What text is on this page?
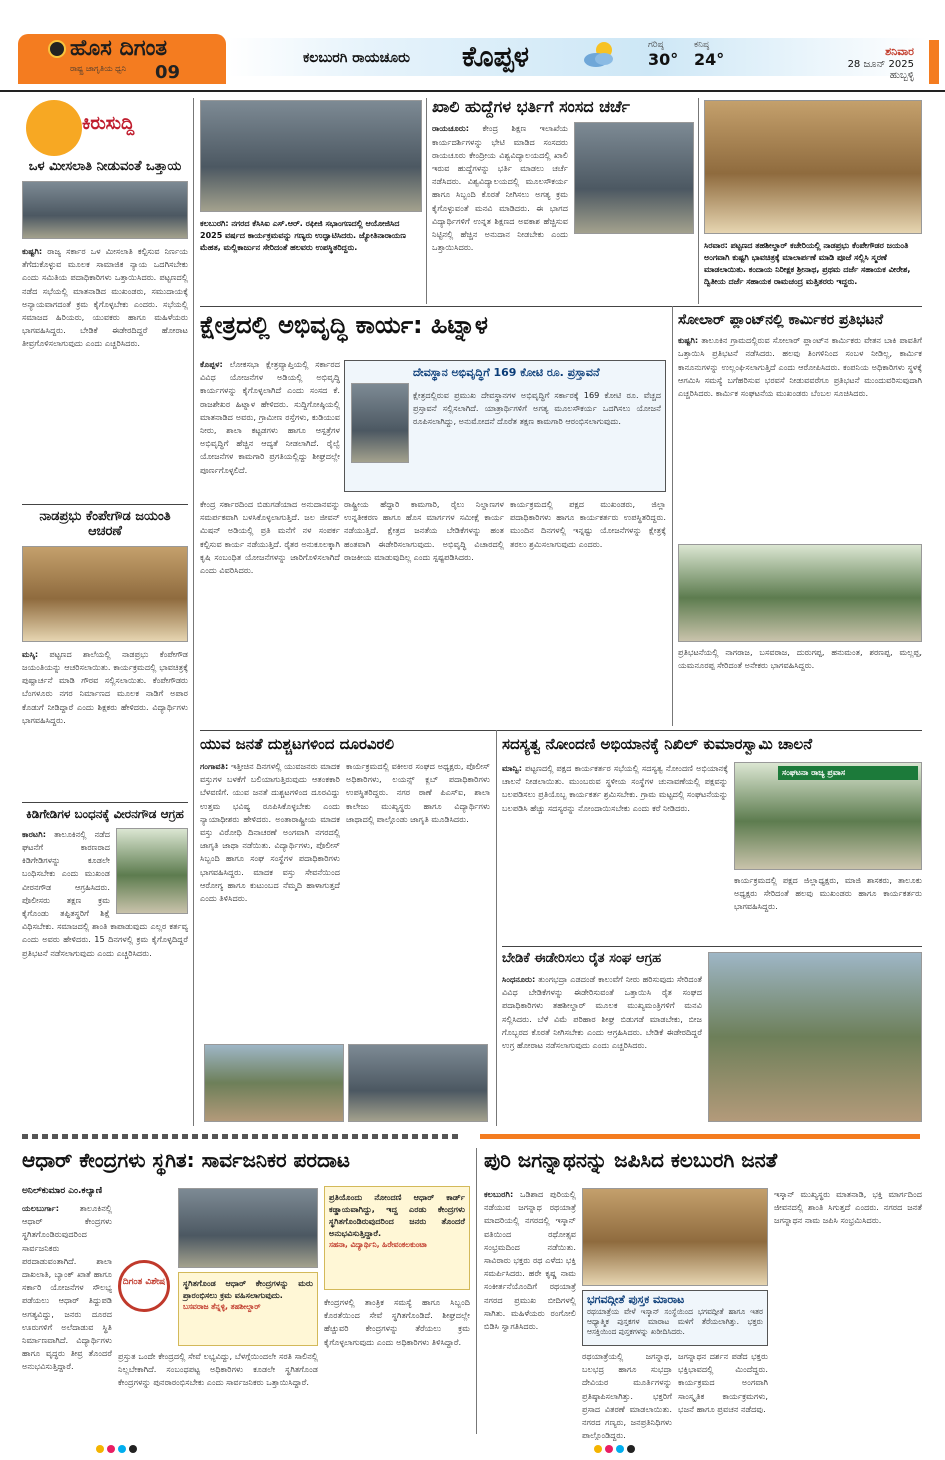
ಹೊಸ ದಿಗಂತ
ರಾಷ್ಟ್ರ ಜಾಗೃತಿಯ ಧ್ವನಿ 09
ಕಲಬುರಗಿ ರಾಯಚೂರು ಕೊಪ್ಪಳ	ಗರಿಷ್ಠ
30°
ಕನಿಷ್ಠ
24°	ಶನಿವಾರ
28 ಜೂನ್ 2025
ಹುಬ್ಬಳ್ಳಿ
ಕಿರುಸುದ್ದಿ
ಒಳ ಮೀಸಲಾತಿ ನೀಡುವಂತೆ ಒತ್ತಾಯ
ಕುಷ್ಟಗಿ: ರಾಜ್ಯ ಸರ್ಕಾರ ಒಳ ಮೀಸಲಾತಿ ಕಲ್ಪಿಸುವ ನಿರ್ಣಯ ತೆಗೆದುಕೊಳ್ಳುವ ಮೂಲಕ ಸಾಮಾಜಿಕ ನ್ಯಾಯ ಒದಗಿಸಬೇಕು ಎಂದು ಸಮಿತಿಯ ಪದಾಧಿಕಾರಿಗಳು ಒತ್ತಾಯಿಸಿದರು. ಪಟ್ಟಣದಲ್ಲಿ ನಡೆದ ಸಭೆಯಲ್ಲಿ ಮಾತನಾಡಿದ ಮುಖಂಡರು, ಸಮುದಾಯಕ್ಕೆ ಅನ್ಯಾಯವಾಗದಂತೆ ಕ್ರಮ ಕೈಗೊಳ್ಳಬೇಕು ಎಂದರು. ಸಭೆಯಲ್ಲಿ ಸಮಾಜದ ಹಿರಿಯರು, ಯುವಕರು ಹಾಗೂ ಮಹಿಳೆಯರು ಭಾಗವಹಿಸಿದ್ದರು. ಬೇಡಿಕೆ ಈಡೇರದಿದ್ದರೆ ಹೋರಾಟ ತೀವ್ರಗೊಳಿಸಲಾಗುವುದು ಎಂದು ಎಚ್ಚರಿಸಿದರು.
ನಾಡಪ್ರಭು ಕೆಂಪೇಗೌಡ ಜಯಂತಿ ಆಚರಣೆ
ಮಸ್ಕಿ: ಪಟ್ಟಣದ ಶಾಲೆಯಲ್ಲಿ ನಾಡಪ್ರಭು ಕೆಂಪೇಗೌಡ ಜಯಂತಿಯನ್ನು ಆಚರಿಸಲಾಯಿತು. ಕಾರ್ಯಕ್ರಮದಲ್ಲಿ ಭಾವಚಿತ್ರಕ್ಕೆ ಪುಷ್ಪಾರ್ಚನೆ ಮಾಡಿ ಗೌರವ ಸಲ್ಲಿಸಲಾಯಿತು. ಕೆಂಪೇಗೌಡರು ಬೆಂಗಳೂರು ನಗರ ನಿರ್ಮಾಣದ ಮೂಲಕ ನಾಡಿಗೆ ಅಪಾರ ಕೊಡುಗೆ ನೀಡಿದ್ದಾರೆ ಎಂದು ಶಿಕ್ಷಕರು ಹೇಳಿದರು. ವಿದ್ಯಾರ್ಥಿಗಳು ಭಾಗವಹಿಸಿದ್ದರು.
ಕಿಡಿಗೇಡಿಗಳ ಬಂಧನಕ್ಕೆ ವೀರನಗೌಡ ಆಗ್ರಹ
ಕಾರಟಗಿ: ತಾಲೂಕಿನಲ್ಲಿ ನಡೆದ ಘಟನೆಗೆ ಕಾರಣರಾದ ಕಿಡಿಗೇಡಿಗಳನ್ನು ಕೂಡಲೇ ಬಂಧಿಸಬೇಕು ಎಂದು ಮುಖಂಡ ವೀರನಗೌಡ ಆಗ್ರಹಿಸಿದರು. ಪೊಲೀಸರು ತಕ್ಷಣ ಕ್ರಮ ಕೈಗೊಂಡು ತಪ್ಪಿತಸ್ಥರಿಗೆ ಶಿಕ್ಷೆ ವಿಧಿಸಬೇಕು. ಸಮಾಜದಲ್ಲಿ ಶಾಂತಿ ಕಾಪಾಡುವುದು ಎಲ್ಲರ ಕರ್ತವ್ಯ ಎಂದು ಅವರು ಹೇಳಿದರು. 15 ದಿನಗಳಲ್ಲಿ ಕ್ರಮ ಕೈಗೊಳ್ಳದಿದ್ದರೆ ಪ್ರತಿಭಟನೆ ನಡೆಸಲಾಗುವುದು ಎಂದು ಎಚ್ಚರಿಸಿದರು.
ಕಲಬುರಗಿ: ನಗರದ ಕೆಸಿಸಿಐ ಎಸ್.ಆರ್. ರಫೀಜಿ ಸಭಾಂಗಣದಲ್ಲಿ ಆಯೋಜಿಸಿದ 2025 ವರ್ಷದ ಕಾರ್ಯಕ್ರಮವನ್ನು ಗಣ್ಯರು ಉದ್ಘಾಟಿಸಿದರು. ಜ್ಯೋತಿನಾರಾಯಣ ಮೆಹತ, ಮಲ್ಲಿಕಾರ್ಜುನ ಸೇರಿದಂತೆ ಹಲವರು ಉಪಸ್ಥಿತರಿದ್ದರು.
ಖಾಲಿ ಹುದ್ದೆಗಳ ಭರ್ತಿಗೆ ಸಂಸದ ಚರ್ಚೆ
ರಾಯಚೂರು: ಕೇಂದ್ರ ಶಿಕ್ಷಣ ಇಲಾಖೆಯ ಕಾರ್ಯದರ್ಶಿಗಳನ್ನು ಭೇಟಿ ಮಾಡಿದ ಸಂಸದರು ರಾಯಚೂರು ಕೇಂದ್ರೀಯ ವಿಶ್ವವಿದ್ಯಾಲಯದಲ್ಲಿ ಖಾಲಿ ಇರುವ ಹುದ್ದೆಗಳನ್ನು ಭರ್ತಿ ಮಾಡಲು ಚರ್ಚೆ ನಡೆಸಿದರು. ವಿಶ್ವವಿದ್ಯಾಲಯದಲ್ಲಿ ಮೂಲಸೌಕರ್ಯ ಹಾಗೂ ಸಿಬ್ಬಂದಿ ಕೊರತೆ ನೀಗಿಸಲು ಅಗತ್ಯ ಕ್ರಮ ಕೈಗೊಳ್ಳುವಂತೆ ಮನವಿ ಮಾಡಿದರು. ಈ ಭಾಗದ ವಿದ್ಯಾರ್ಥಿಗಳಿಗೆ ಉನ್ನತ ಶಿಕ್ಷಣದ ಅವಕಾಶ ಹೆಚ್ಚಿಸುವ ನಿಟ್ಟಿನಲ್ಲಿ ಹೆಚ್ಚಿನ ಅನುದಾನ ನೀಡಬೇಕು ಎಂದು ಒತ್ತಾಯಿಸಿದರು.	ಸಿರವಾರ: ಪಟ್ಟಣದ ತಹಶೀಲ್ದಾರ್ ಕಚೇರಿಯಲ್ಲಿ ನಾಡಪ್ರಭು ಕೆಂಪೇಗೌಡರ ಜಯಂತಿ ಅಂಗವಾಗಿ ಕುಷ್ಟಗಿ ಭಾವಚಿತ್ರಕ್ಕೆ ಮಾಲಾರ್ಪಣೆ ಮಾಡಿ ಪೂಜೆ ಸಲ್ಲಿಸಿ ಸ್ಮರಣೆ ಮಾಡಲಾಯಿತು. ಕಂದಾಯ ನಿರೀಕ್ಷಕ ಶ್ರೀನಾಥ, ಪ್ರಥಮ ದರ್ಜೆ ಸಹಾಯಕ ವೀರೇಶ, ದ್ವಿತೀಯ ದರ್ಜೆ ಸಹಾಯಕ ರಾಮಚಂದ್ರ ಮತ್ತಿತರರು ಇದ್ದರು.
ಕ್ಷೇತ್ರದಲ್ಲಿ ಅಭಿವೃದ್ಧಿ ಕಾರ್ಯ: ಹಿಟ್ನಾಳ
ಕೊಪ್ಪಳ: ಲೋಕಸಭಾ ಕ್ಷೇತ್ರವ್ಯಾಪ್ತಿಯಲ್ಲಿ ಸರ್ಕಾರದ ವಿವಿಧ ಯೋಜನೆಗಳ ಅಡಿಯಲ್ಲಿ ಅಭಿವೃದ್ಧಿ ಕಾರ್ಯಗಳನ್ನು ಕೈಗೊಳ್ಳಲಾಗಿದೆ ಎಂದು ಸಂಸದ ಕೆ. ರಾಜಶೇಖರ ಹಿಟ್ನಾಳ ಹೇಳಿದರು. ಸುದ್ದಿಗೋಷ್ಠಿಯಲ್ಲಿ ಮಾತನಾಡಿದ ಅವರು, ಗ್ರಾಮೀಣ ರಸ್ತೆಗಳು, ಕುಡಿಯುವ ನೀರು, ಶಾಲಾ ಕಟ್ಟಡಗಳು ಹಾಗೂ ಆಸ್ಪತ್ರೆಗಳ ಅಭಿವೃದ್ಧಿಗೆ ಹೆಚ್ಚಿನ ಆದ್ಯತೆ ನೀಡಲಾಗಿದೆ. ರೈಲ್ವೆ ಯೋಜನೆಗಳ ಕಾಮಗಾರಿ ಪ್ರಗತಿಯಲ್ಲಿದ್ದು ಶೀಘ್ರದಲ್ಲೇ ಪೂರ್ಣಗೊಳ್ಳಲಿದೆ.
ದೇವಸ್ಥಾನ ಅಭಿವೃದ್ಧಿಗೆ 169 ಕೋಟಿ ರೂ. ಪ್ರಸ್ತಾವನೆ
ಕ್ಷೇತ್ರದಲ್ಲಿರುವ ಪ್ರಮುಖ ದೇವಸ್ಥಾನಗಳ ಅಭಿವೃದ್ಧಿಗೆ ಸರ್ಕಾರಕ್ಕೆ 169 ಕೋಟಿ ರೂ. ವೆಚ್ಚದ ಪ್ರಸ್ತಾವನೆ ಸಲ್ಲಿಸಲಾಗಿದೆ. ಯಾತ್ರಾರ್ಥಿಗಳಿಗೆ ಅಗತ್ಯ ಮೂಲಸೌಕರ್ಯ ಒದಗಿಸಲು ಯೋಜನೆ ರೂಪಿಸಲಾಗಿದ್ದು, ಅನುಮೋದನೆ ದೊರೆತ ತಕ್ಷಣ ಕಾಮಗಾರಿ ಆರಂಭಿಸಲಾಗುವುದು.
ಕೇಂದ್ರ ಸರ್ಕಾರದಿಂದ ಬಿಡುಗಡೆಯಾದ ಅನುದಾನವನ್ನು ಸಮರ್ಪಕವಾಗಿ ಬಳಸಿಕೊಳ್ಳಲಾಗುತ್ತಿದೆ. ಜಲ ಜೀವನ್ ಮಿಷನ್ ಅಡಿಯಲ್ಲಿ ಪ್ರತಿ ಮನೆಗೆ ನಳ ಸಂಪರ್ಕ ಕಲ್ಪಿಸುವ ಕಾರ್ಯ ನಡೆಯುತ್ತಿದೆ. ರೈತರ ಅನುಕೂಲಕ್ಕಾಗಿ ಕೃಷಿ ಸಂಬಂಧಿತ ಯೋಜನೆಗಳನ್ನು ಜಾರಿಗೊಳಿಸಲಾಗಿದೆ ಎಂದು ವಿವರಿಸಿದರು.
ರಾಷ್ಟ್ರೀಯ ಹೆದ್ದಾರಿ ಕಾಮಗಾರಿ, ರೈಲು ನಿಲ್ದಾಣಗಳ ಉನ್ನತೀಕರಣ ಹಾಗೂ ಹೊಸ ಮಾರ್ಗಗಳ ಸಮೀಕ್ಷೆ ಕಾರ್ಯ ನಡೆಯುತ್ತಿದೆ. ಕ್ಷೇತ್ರದ ಜನತೆಯ ಬೇಡಿಕೆಗಳನ್ನು ಹಂತ ಹಂತವಾಗಿ ಈಡೇರಿಸಲಾಗುವುದು. ಅಭಿವೃದ್ಧಿ ವಿಚಾರದಲ್ಲಿ ರಾಜಕೀಯ ಮಾಡುವುದಿಲ್ಲ ಎಂದು ಸ್ಪಷ್ಟಪಡಿಸಿದರು.
ಕಾರ್ಯಕ್ರಮದಲ್ಲಿ ಪಕ್ಷದ ಮುಖಂಡರು, ಜಿಲ್ಲಾ ಪದಾಧಿಕಾರಿಗಳು ಹಾಗೂ ಕಾರ್ಯಕರ್ತರು ಉಪಸ್ಥಿತರಿದ್ದರು. ಮುಂದಿನ ದಿನಗಳಲ್ಲಿ ಇನ್ನಷ್ಟು ಯೋಜನೆಗಳನ್ನು ಕ್ಷೇತ್ರಕ್ಕೆ ತರಲು ಶ್ರಮಿಸಲಾಗುವುದು ಎಂದರು.
ಸೋಲಾರ್ ಪ್ಲಾಂಟ್‌ನಲ್ಲಿ ಕಾರ್ಮಿಕರ ಪ್ರತಿಭಟನೆ
ಕುಷ್ಟಗಿ: ತಾಲೂಕಿನ ಗ್ರಾಮದಲ್ಲಿರುವ ಸೋಲಾರ್ ಪ್ಲಾಂಟ್‌ನ ಕಾರ್ಮಿಕರು ವೇತನ ಬಾಕಿ ಪಾವತಿಗೆ ಒತ್ತಾಯಿಸಿ ಪ್ರತಿಭಟನೆ ನಡೆಸಿದರು. ಹಲವು ತಿಂಗಳಿನಿಂದ ಸಂಬಳ ನೀಡಿಲ್ಲ, ಕಾರ್ಮಿಕ ಕಾನೂನುಗಳನ್ನು ಉಲ್ಲಂಘಿಸಲಾಗುತ್ತಿದೆ ಎಂದು ಆರೋಪಿಸಿದರು. ಕಂಪನಿಯ ಅಧಿಕಾರಿಗಳು ಸ್ಥಳಕ್ಕೆ ಆಗಮಿಸಿ ಸಮಸ್ಯೆ ಬಗೆಹರಿಸುವ ಭರವಸೆ ನೀಡುವವರೆಗೂ ಪ್ರತಿಭಟನೆ ಮುಂದುವರಿಸುವುದಾಗಿ ಎಚ್ಚರಿಸಿದರು. ಕಾರ್ಮಿಕ ಸಂಘಟನೆಯ ಮುಖಂಡರು ಬೆಂಬಲ ಸೂಚಿಸಿದರು.
ಪ್ರತಿಭಟನೆಯಲ್ಲಿ ನಾಗರಾಜ, ಬಸವರಾಜ, ದುರುಗಪ್ಪ, ಹನುಮಂತ, ಶರಣಪ್ಪ, ಮಲ್ಲಪ್ಪ, ಯಮನೂರಪ್ಪ ಸೇರಿದಂತೆ ಅನೇಕರು ಭಾಗವಹಿಸಿದ್ದರು.
ಯುವ ಜನತೆ ದುಶ್ಚಟಗಳಿಂದ ದೂರವಿರಲಿ
ಗಂಗಾವತಿ: ಇತ್ತೀಚಿನ ದಿನಗಳಲ್ಲಿ ಯುವಜನರು ಮಾದಕ ವಸ್ತುಗಳ ಬಳಕೆಗೆ ಬಲಿಯಾಗುತ್ತಿರುವುದು ಆತಂಕಕಾರಿ ಬೆಳವಣಿಗೆ. ಯುವ ಜನತೆ ದುಶ್ಚಟಗಳಿಂದ ದೂರವಿದ್ದು ಉತ್ತಮ ಭವಿಷ್ಯ ರೂಪಿಸಿಕೊಳ್ಳಬೇಕು ಎಂದು ನ್ಯಾಯಾಧೀಶರು ಹೇಳಿದರು. ಅಂತಾರಾಷ್ಟ್ರೀಯ ಮಾದಕ ವಸ್ತು ವಿರೋಧಿ ದಿನಾಚರಣೆ ಅಂಗವಾಗಿ ನಗರದಲ್ಲಿ ಜಾಗೃತಿ ಜಾಥಾ ನಡೆಯಿತು. ವಿದ್ಯಾರ್ಥಿಗಳು, ಪೊಲೀಸ್ ಸಿಬ್ಬಂದಿ ಹಾಗೂ ಸಂಘ ಸಂಸ್ಥೆಗಳ ಪದಾಧಿಕಾರಿಗಳು ಭಾಗವಹಿಸಿದ್ದರು. ಮಾದಕ ವಸ್ತು ಸೇವನೆಯಿಂದ ಆರೋಗ್ಯ ಹಾಗೂ ಕುಟುಂಬದ ನೆಮ್ಮದಿ ಹಾಳಾಗುತ್ತದೆ ಎಂದು ತಿಳಿಸಿದರು.
ಕಾರ್ಯಕ್ರಮದಲ್ಲಿ ವಕೀಲರ ಸಂಘದ ಅಧ್ಯಕ್ಷರು, ಪೊಲೀಸ್ ಅಧಿಕಾರಿಗಳು, ಲಯನ್ಸ್ ಕ್ಲಬ್ ಪದಾಧಿಕಾರಿಗಳು ಉಪಸ್ಥಿತರಿದ್ದರು. ನಗರ ಠಾಣೆ ಪಿಎಸ್ಐ, ಶಾಲಾ ಕಾಲೇಜು ಮುಖ್ಯಸ್ಥರು ಹಾಗೂ ವಿದ್ಯಾರ್ಥಿಗಳು ಜಾಥಾದಲ್ಲಿ ಪಾಲ್ಗೊಂಡು ಜಾಗೃತಿ ಮೂಡಿಸಿದರು.
ಸದಸ್ಯತ್ವ ನೋಂದಣಿ ಅಭಿಯಾನಕ್ಕೆ ನಿಖಿಲ್ ಕುಮಾರಸ್ವಾಮಿ ಚಾಲನೆ
ಮಾನ್ವಿ: ಪಟ್ಟಣದಲ್ಲಿ ಪಕ್ಷದ ಕಾರ್ಯಕರ್ತರ ಸಭೆಯಲ್ಲಿ ಸದಸ್ಯತ್ವ ನೋಂದಣಿ ಅಭಿಯಾನಕ್ಕೆ ಚಾಲನೆ ನೀಡಲಾಯಿತು. ಮುಂಬರುವ ಸ್ಥಳೀಯ ಸಂಸ್ಥೆಗಳ ಚುನಾವಣೆಯಲ್ಲಿ ಪಕ್ಷವನ್ನು ಬಲಪಡಿಸಲು ಪ್ರತಿಯೊಬ್ಬ ಕಾರ್ಯಕರ್ತ ಶ್ರಮಿಸಬೇಕು. ಗ್ರಾಮ ಮಟ್ಟದಲ್ಲಿ ಸಂಘಟನೆಯನ್ನು ಬಲಪಡಿಸಿ ಹೆಚ್ಚು ಸದಸ್ಯರನ್ನು ನೋಂದಾಯಿಸಬೇಕು ಎಂದು ಕರೆ ನೀಡಿದರು.
ಸಂಘಟನಾ ರಾಜ್ಯ ಪ್ರವಾಸ
ಕಾರ್ಯಕ್ರಮದಲ್ಲಿ ಪಕ್ಷದ ಜಿಲ್ಲಾಧ್ಯಕ್ಷರು, ಮಾಜಿ ಶಾಸಕರು, ತಾಲೂಕು ಅಧ್ಯಕ್ಷರು ಸೇರಿದಂತೆ ಹಲವು ಮುಖಂಡರು ಹಾಗೂ ಕಾರ್ಯಕರ್ತರು ಭಾಗವಹಿಸಿದ್ದರು.
ಬೇಡಿಕೆ ಈಡೇರಿಸಲು ರೈತ ಸಂಘ ಆಗ್ರಹ
ಸಿಂಧನೂರು: ತುಂಗಭದ್ರಾ ಎಡದಂಡೆ ಕಾಲುವೆಗೆ ನೀರು ಹರಿಸುವುದು ಸೇರಿದಂತೆ ವಿವಿಧ ಬೇಡಿಕೆಗಳನ್ನು ಈಡೇರಿಸುವಂತೆ ಒತ್ತಾಯಿಸಿ ರೈತ ಸಂಘದ ಪದಾಧಿಕಾರಿಗಳು ತಹಶೀಲ್ದಾರ್ ಮೂಲಕ ಮುಖ್ಯಮಂತ್ರಿಗಳಿಗೆ ಮನವಿ ಸಲ್ಲಿಸಿದರು. ಬೆಳೆ ವಿಮೆ ಪರಿಹಾರ ಶೀಘ್ರ ಬಿಡುಗಡೆ ಮಾಡಬೇಕು, ಬೀಜ ಗೊಬ್ಬರದ ಕೊರತೆ ನೀಗಿಸಬೇಕು ಎಂದು ಆಗ್ರಹಿಸಿದರು. ಬೇಡಿಕೆ ಈಡೇರದಿದ್ದರೆ ಉಗ್ರ ಹೋರಾಟ ನಡೆಸಲಾಗುವುದು ಎಂದು ಎಚ್ಚರಿಸಿದರು.
ಆಧಾರ್ ಕೇಂದ್ರಗಳು ಸ್ಥಗಿತ: ಸಾರ್ವಜನಿಕರ ಪರದಾಟ
ಅನಿಲ್‌ಕುಮಾರ ಎಂ.ಕಲ್ಯಾಣಿ
ಯಲಬುರ್ಗಾ:	ತಾಲೂಕಿನಲ್ಲಿ ಆಧಾರ್ ಕೇಂದ್ರಗಳು ಸ್ಥಗಿತಗೊಂಡಿರುವುದರಿಂದ ಸಾರ್ವಜನಿಕರು ಪರದಾಡುವಂತಾಗಿದೆ. ಶಾಲಾ ದಾಖಲಾತಿ, ಬ್ಯಾಂಕ್ ಖಾತೆ ಹಾಗೂ ಸರ್ಕಾರಿ ಯೋಜನೆಗಳ ಸೌಲಭ್ಯ ಪಡೆಯಲು ಆಧಾರ್ ತಿದ್ದುಪಡಿ ಅಗತ್ಯವಿದ್ದು, ಜನರು ದೂರದ ಊರುಗಳಿಗೆ ಅಲೆದಾಡುವ ಸ್ಥಿತಿ ನಿರ್ಮಾಣವಾಗಿದೆ. ವಿದ್ಯಾರ್ಥಿಗಳು ಹಾಗೂ ವೃದ್ಧರು ತೀವ್ರ ತೊಂದರೆ ಅನುಭವಿಸುತ್ತಿದ್ದಾರೆ.
ದಿಗಂತ ವಿಶೇಷ
ಪ್ರತಿಯೊಂದು ನೋಂದಣಿ ಆಧಾರ್ ಕಾರ್ಡ್ ಕಡ್ಡಾಯವಾಗಿದ್ದು, ಇದ್ದ ಎರಡು ಕೇಂದ್ರಗಳು ಸ್ಥಗಿತಗೊಂಡಿರುವುದರಿಂದ ಜನರು ತೊಂದರೆ ಅನುಭವಿಸುತ್ತಿದ್ದಾರೆ.
ಸಹನಾ, ವಿದ್ಯಾರ್ಥಿನಿ, ಹಿರೇವಂಕಲಕುಂಟಾ
ಸ್ಥಗಿತಗೊಂಡ ಆಧಾರ್ ಕೇಂದ್ರಗಳನ್ನು ಮರು ಪ್ರಾರಂಭಿಸಲು ಕ್ರಮ ವಹಿಸಲಾಗುವುದು.
ಬಸವರಾಜ ತೆನ್ನಳ್ಳಿ, ತಹಶೀಲ್ದಾರ್
ಪ್ರಸ್ತುತ ಒಂದೇ ಕೇಂದ್ರದಲ್ಲಿ ಸೇವೆ ಲಭ್ಯವಿದ್ದು, ಬೆಳಗ್ಗೆಯಿಂದಲೇ ಸರತಿ ಸಾಲಿನಲ್ಲಿ ನಿಲ್ಲಬೇಕಾಗಿದೆ. ಸಂಬಂಧಪಟ್ಟ ಅಧಿಕಾರಿಗಳು ಕೂಡಲೇ ಸ್ಥಗಿತಗೊಂಡ ಕೇಂದ್ರಗಳನ್ನು ಪುನರಾರಂಭಿಸಬೇಕು ಎಂದು ಸಾರ್ವಜನಿಕರು ಒತ್ತಾಯಿಸಿದ್ದಾರೆ.
ಕೇಂದ್ರಗಳಲ್ಲಿ ತಾಂತ್ರಿಕ ಸಮಸ್ಯೆ ಹಾಗೂ ಸಿಬ್ಬಂದಿ ಕೊರತೆಯಿಂದ ಸೇವೆ ಸ್ಥಗಿತಗೊಂಡಿದೆ. ಶೀಘ್ರದಲ್ಲೇ ಹೆಚ್ಚುವರಿ ಕೇಂದ್ರಗಳನ್ನು ತೆರೆಯಲು ಕ್ರಮ ಕೈಗೊಳ್ಳಲಾಗುವುದು ಎಂದು ಅಧಿಕಾರಿಗಳು ತಿಳಿಸಿದ್ದಾರೆ.
ಪುರಿ ಜಗನ್ನಾಥನನ್ನು ಜಪಿಸಿದ ಕಲಬುರಗಿ ಜನತೆ
ಕಲಬುರಗಿ: ಒಡಿಶಾದ ಪುರಿಯಲ್ಲಿ ನಡೆಯುವ ಜಗನ್ನಾಥ ರಥಯಾತ್ರೆ ಮಾದರಿಯಲ್ಲಿ ನಗರದಲ್ಲಿ ಇಸ್ಕಾನ್ ವತಿಯಿಂದ ರಥೋತ್ಸವ ಸಂಭ್ರಮದಿಂದ ನಡೆಯಿತು. ಸಾವಿರಾರು ಭಕ್ತರು ರಥ ಎಳೆದು ಭಕ್ತಿ ಸಮರ್ಪಿಸಿದರು. ಹರೇ ಕೃಷ್ಣ ನಾಮ ಸಂಕೀರ್ತನೆಯೊಂದಿಗೆ ರಥಯಾತ್ರೆ ನಗರದ ಪ್ರಮುಖ ಬೀದಿಗಳಲ್ಲಿ ಸಾಗಿತು. ಮಹಿಳೆಯರು ರಂಗೋಲಿ ಬಿಡಿಸಿ ಸ್ವಾಗತಿಸಿದರು.
ಇಸ್ಕಾನ್ ಮುಖ್ಯಸ್ಥರು ಮಾತನಾಡಿ, ಭಕ್ತಿ ಮಾರ್ಗದಿಂದ ಜೀವನದಲ್ಲಿ ಶಾಂತಿ ಸಿಗುತ್ತದೆ ಎಂದರು. ನಗರದ ಜನತೆ ಜಗನ್ನಾಥನ ನಾಮ ಜಪಿಸಿ ಸಂಭ್ರಮಿಸಿದರು.
ಭಗವದ್ಗೀತೆ ಪುಸ್ತಕ ಮಾರಾಟ
ರಥಯಾತ್ರೆಯ ವೇಳೆ ಇಸ್ಕಾನ್ ಸಂಸ್ಥೆಯಿಂದ ಭಗವದ್ಗೀತೆ ಹಾಗೂ ಇತರ ಆಧ್ಯಾತ್ಮಿಕ ಪುಸ್ತಕಗಳ ಮಾರಾಟ ಮಳಿಗೆ ತೆರೆಯಲಾಗಿತ್ತು. ಭಕ್ತರು ಆಸಕ್ತಿಯಿಂದ ಪುಸ್ತಕಗಳನ್ನು ಖರೀದಿಸಿದರು.
ರಥಯಾತ್ರೆಯಲ್ಲಿ ಜಗನ್ನಾಥ, ಬಲಭದ್ರ ಹಾಗೂ ಸುಭದ್ರಾ ದೇವಿಯರ ಮೂರ್ತಿಗಳನ್ನು ಪ್ರತಿಷ್ಠಾಪಿಸಲಾಗಿತ್ತು. ಭಕ್ತರಿಗೆ ಪ್ರಸಾದ ವಿತರಣೆ ಮಾಡಲಾಯಿತು. ನಗರದ ಗಣ್ಯರು, ಜನಪ್ರತಿನಿಧಿಗಳು ಪಾಲ್ಗೊಂಡಿದ್ದರು.
ಜಗನ್ನಾಥನ ದರ್ಶನ ಪಡೆದ ಭಕ್ತರು ಭಕ್ತಿಭಾವದಲ್ಲಿ ಮಿಂದೆದ್ದರು. ಕಾರ್ಯಕ್ರಮದ ಅಂಗವಾಗಿ ಸಾಂಸ್ಕೃತಿಕ ಕಾರ್ಯಕ್ರಮಗಳು, ಭಜನೆ ಹಾಗೂ ಪ್ರವಚನ ನಡೆದವು.
